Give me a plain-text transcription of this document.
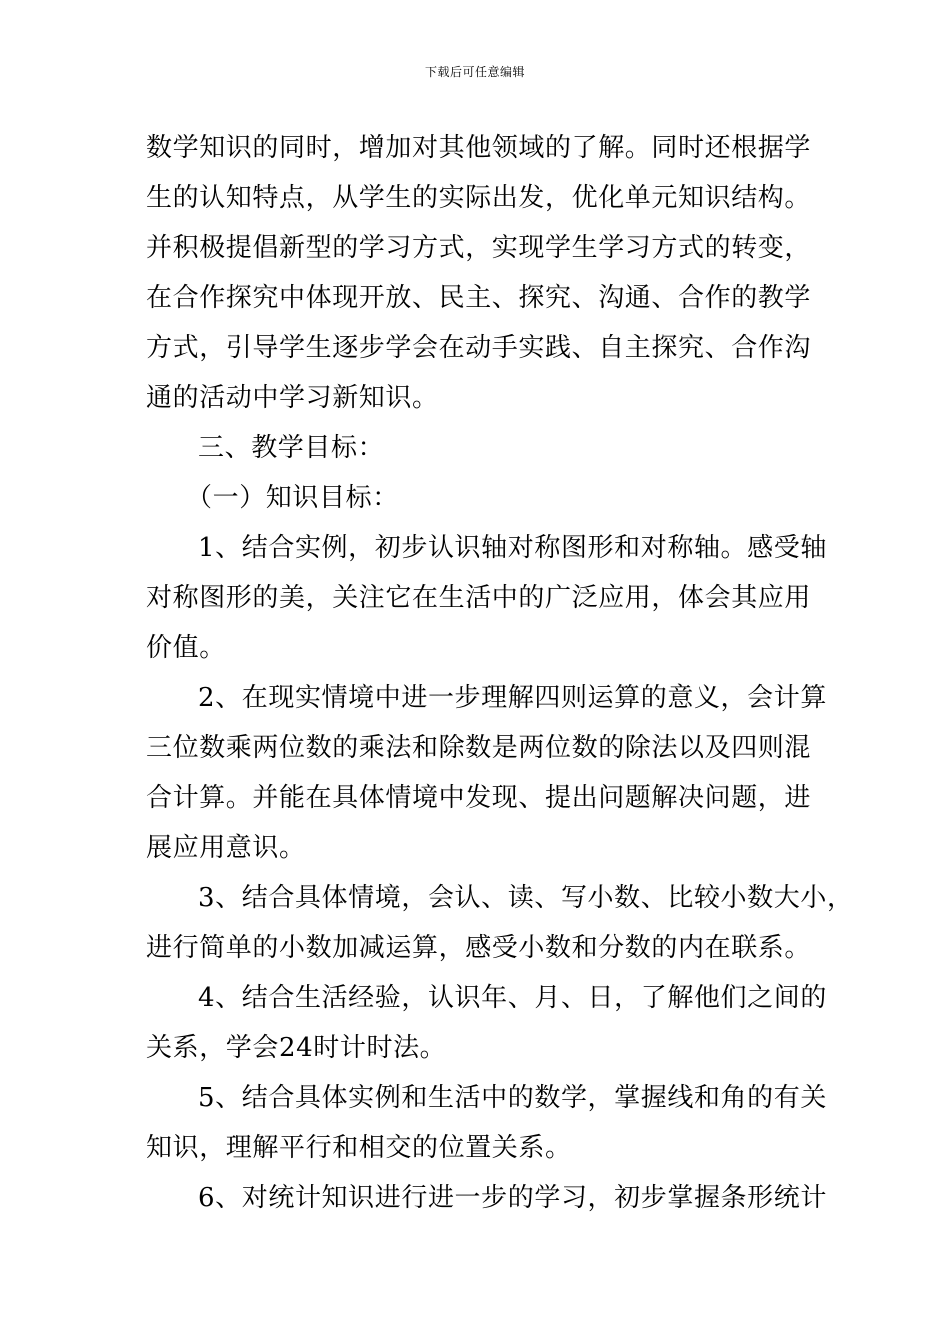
下载后可任意编辑
数学知识的同时，增加对其他领域的了解。同时还根据学
生的认知特点，从学生的实际出发，优化单元知识结构。
并积极提倡新型的学习方式，实现学生学习方式的转变，
在合作探究中体现开放、民主、探究、沟通、合作的教学
方式，引导学生逐步学会在动手实践、自主探究、合作沟
通的活动中学习新知识。
三、教学目标：
（一）知识目标：
1、结合实例，初步认识轴对称图形和对称轴。感受轴
对称图形的美，关注它在生活中的广泛应用，体会其应用
价值。
2、在现实情境中进一步理解四则运算的意义，会计算
三位数乘两位数的乘法和除数是两位数的除法以及四则混
合计算。并能在具体情境中发现、提出问题解决问题，进
展应用意识。
3、结合具体情境，会认、读、写小数、比较小数大小，
进行简单的小数加减运算，感受小数和分数的内在联系。
4、结合生活经验，认识年、月、日，了解他们之间的
关系，学会24时计时法。
5、结合具体实例和生活中的数学，掌握线和角的有关
知识，理解平行和相交的位置关系。
6、对统计知识进行进一步的学习，初步掌握条形统计
